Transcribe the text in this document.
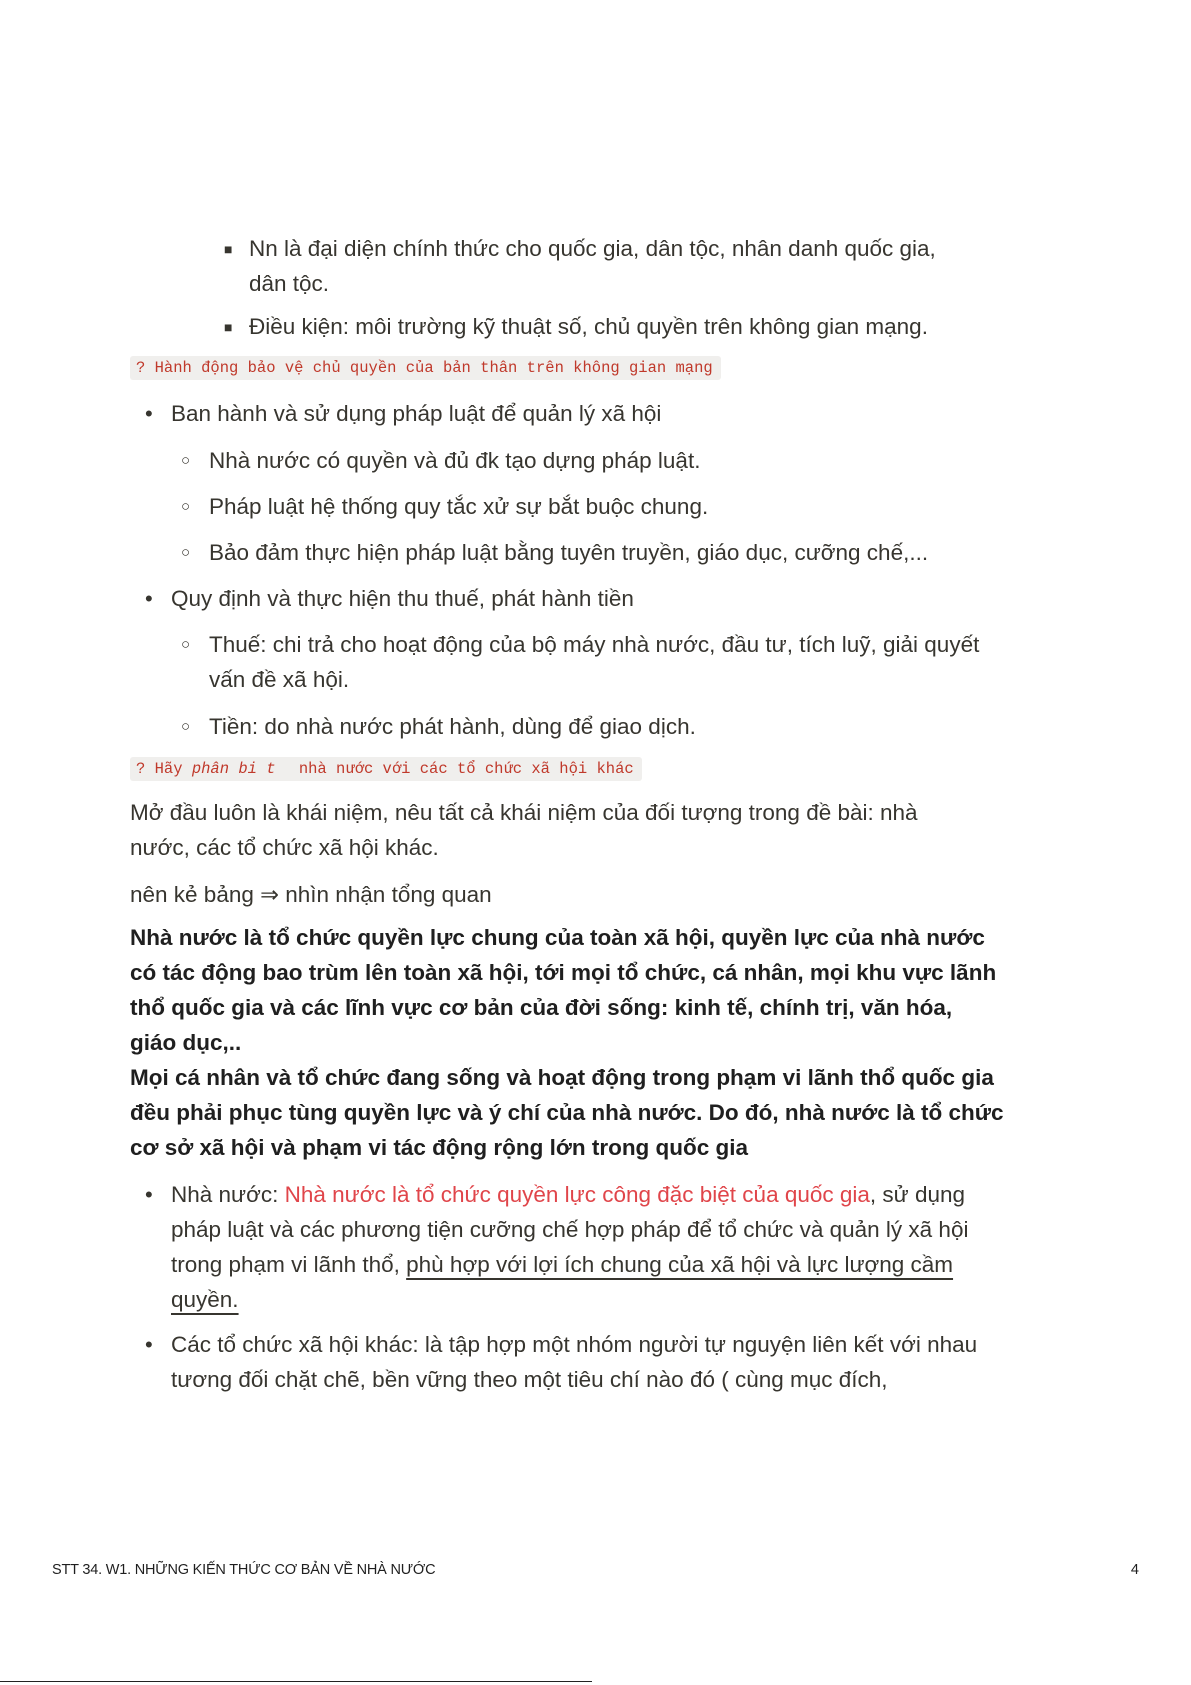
■ Nn là đại diện chính thức cho quốc gia, dân tộc, nhân danh quốc gia, dân tộc.
■ Điều kiện: môi trường kỹ thuật số, chủ quyền trên không gian mạng.
? Hành động bảo vệ chủ quyền của bản thân trên không gian mạng
• Ban hành và sử dụng pháp luật để quản lý xã hội
○ Nhà nước có quyền và đủ đk tạo dựng pháp luật.
○ Pháp luật hệ thống quy tắc xử sự bắt buộc chung.
○ Bảo đảm thực hiện pháp luật bằng tuyên truyền, giáo dục, cưỡng chế,...
• Quy định và thực hiện thu thuế, phát hành tiền
○ Thuế: chi trả cho hoạt động của bộ máy nhà nước, đầu tư, tích luỹ, giải quyết vấn đề xã hội.
○ Tiền: do nhà nước phát hành, dùng để giao dịch.
? Hãy phân bi t nhà nước với các tổ chức xã hội khác
Mở đầu luôn là khái niệm, nêu tất cả khái niệm của đối tượng trong đề bài: nhà nước, các tổ chức xã hội khác.
nên kẻ bảng ⇒ nhìn nhận tổng quan
Nhà nước là tổ chức quyền lực chung của toàn xã hội, quyền lực của nhà nước có tác động bao trùm lên toàn xã hội, tới mọi tổ chức, cá nhân, mọi khu vực lãnh thổ quốc gia và các lĩnh vực cơ bản của đời sống: kinh tế, chính trị, văn hóa, giáo dục,..
Mọi cá nhân và tổ chức đang sống và hoạt động trong phạm vi lãnh thổ quốc gia đều phải phục tùng quyền lực và ý chí của nhà nước. Do đó, nhà nước là tổ chức cơ sở xã hội và phạm vi tác động rộng lớn trong quốc gia
• Nhà nước: Nhà nước là tổ chức quyền lực công đặc biệt của quốc gia, sử dụng pháp luật và các phương tiện cưỡng chế hợp pháp để tổ chức và quản lý xã hội trong phạm vi lãnh thổ, phù hợp với lợi ích chung của xã hội và lực lượng cầm quyền.
• Các tổ chức xã hội khác: là tập hợp một nhóm người tự nguyện liên kết với nhau tương đối chặt chẽ, bền vững theo một tiêu chí nào đó ( cùng mục đích,
STT 34. W1. NHỮNG KIẾN THỨC CƠ BẢN VỀ NHÀ NƯỚC	4
